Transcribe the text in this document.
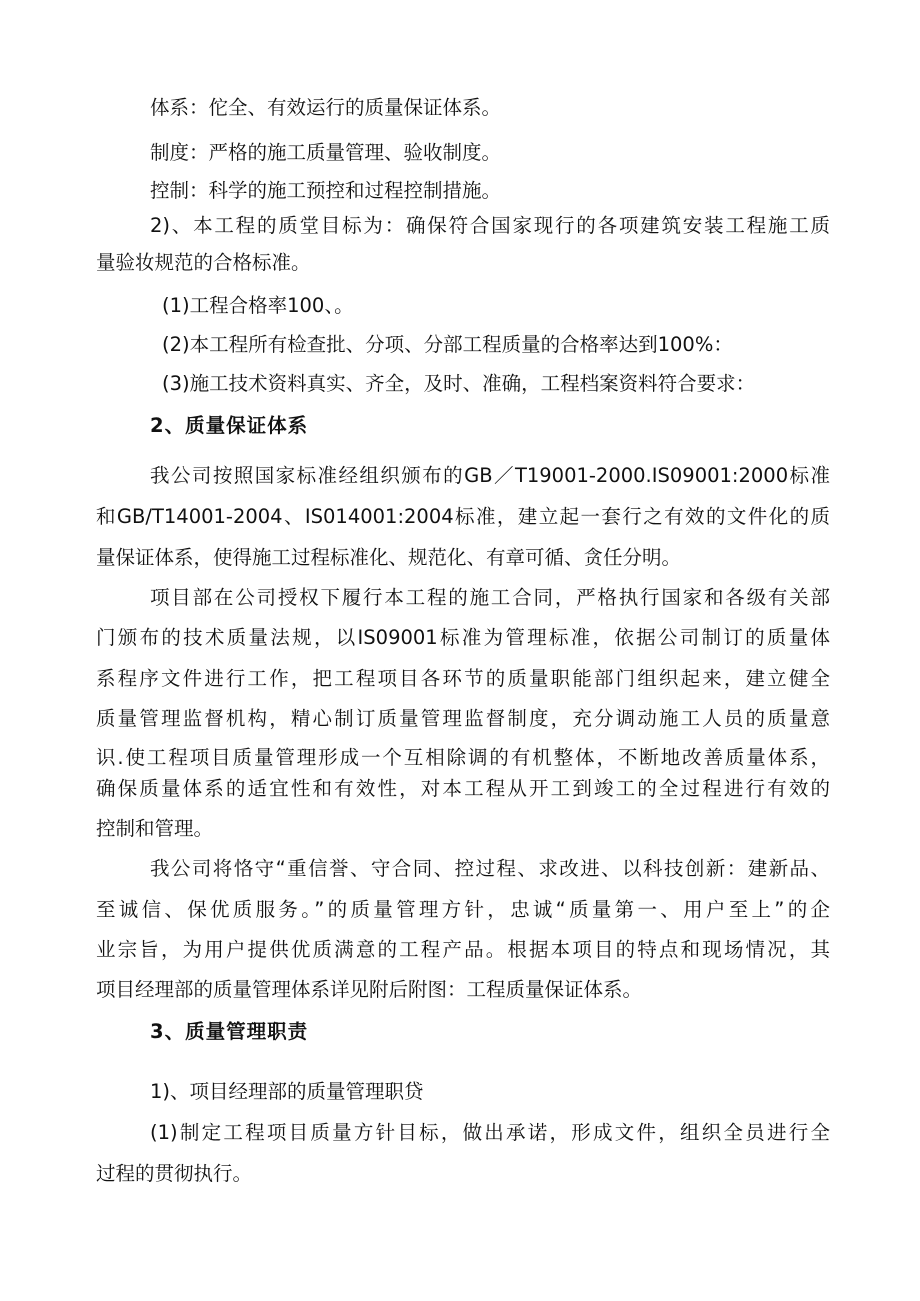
体系：佗全、有效运行的质量保证体系。
制度：严格的施工质量管理、验收制度。
控制：科学的施工预控和过程控制措施。
2)、本工程的质堂目标为：确保符合国家现行的各项建筑安装工程施工质
量验妆规范的合格标准。
(1)工程合格率100、。
(2)本工程所有检查批、分项、分部工程质量的合格率达到100%：
(3)施工技术资料真实、齐全，及时、准确，工程档案资料符合要求：
2、质量保证体系
我公司按照国家标准经组织颁布的GB／T19001-2000.IS09001:2000标准
和GB/T14001-2004、IS014001:2004标准，建立起一套行之有效的文件化的质
量保证体系，使得施工过程标准化、规范化、有章可循、贪任分明。
项目部在公司授权下履行本工程的施工合同，严格执行国家和各级有关部
门颁布的技术质量法规，以IS09001标准为管理标准，依据公司制订的质量体
系程序文件进行工作，把工程项目各环节的质量职能部门组织起来，建立健全
质量管理监督机构，精心制订质量管理监督制度，充分调动施工人员的质量意
识.使工程项目质量管理形成一个互相除调的有机整体，不断地改善质量体系，
确保质量体系的适宜性和有效性，对本工程从开工到竣工的全过程进行有效的
控制和管理。
我公司将恪守“重信誉、守合同、控过程、求改进、以科技创新：建新品、
至诚信、保优质服务。”的质量管理方针，忠诚“质量第一、用户至上”的企
业宗旨，为用户提供优质满意的工程产品。根据本项目的特点和现场情况，其
项目经理部的质量管理体系详见附后附图：工程质量保证体系。
3、质量管理职责
1)、项目经理部的质量管理职贷
(1)制定工程项目质量方针目标，做出承诺，形成文件，组织全员进行全
过程的贯彻执行。
